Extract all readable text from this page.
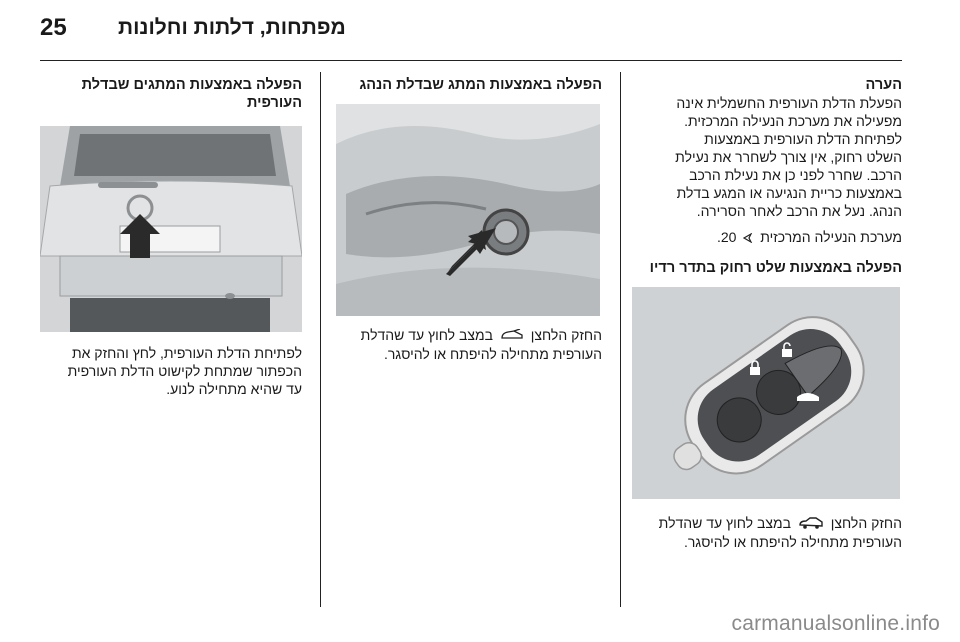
25 מפתחות, דלתות וחלונות
הערה
הפעלת הדלת העורפית החשמלית אינה
מפעילה את מערכת הנעילה המרכזית.
לפתיחת הדלת העורפית באמצעות
השלט רחוק, אין צורך לשחרר את נעילת
הרכב. שחרר לפני כן את נעילת הרכב
באמצעות כריית הנגיעה או המגע בדלת
הנהג. נעל את הרכב לאחר הסרירה.
מערכת הנעילה המרכזית  20.
הפעלה באמצעות שלט רחוק בתדר רדיו
החזק הלחצן  במצב לחוץ עד שהדלת
העורפית מתחילה להיפתח או להיסגר.
הפעלה באמצעות המתג שבדלת הנהג
החזק הלחצן  במצב לחוץ עד שהדלת
העורפית מתחילה להיפתח או להיסגר.
הפעלה באמצעות המתגים שבדלת
העורפית
לפתיחת הדלת העורפית, לחץ והחזק את
הכפתור שמתחת לקישוט הדלת העורפית
עד שהיא מתחילה לנוע.
carmanualsonline.info
